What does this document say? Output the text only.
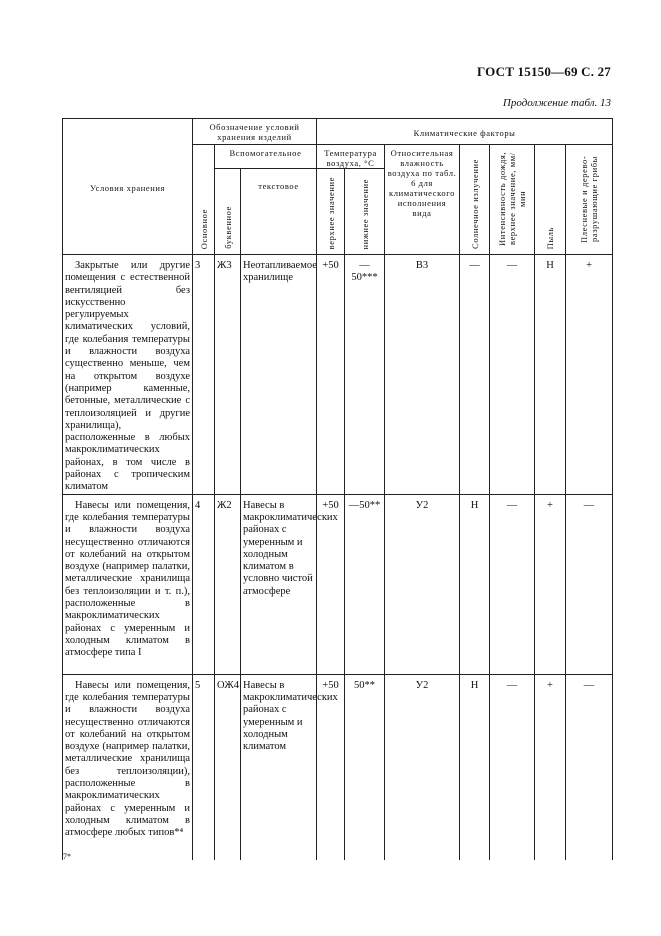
ГОСТ 15150—69 С. 27
Продолжение табл. 13
Условия хранения	Обозначение условий хранения изделий			Климатические факторы						
	Основное	Вспомогательное		Температура воздуха, °С		Относительная влажность воздуха по табл. 6 для климатического исполнения вида	Солнечное излучение	Интенсивность дождя, верхнее значение, мм/мин	Пыль	Плесневые и дерево-разрушающие грибы
		буквенное	текстовое	верхнее значение	нижнее значение					
Закрытые или другие помещения с естественной вентиляцией без искусственно регулируемых климатических условий, где колебания температуры и влажности воздуха существенно меньше, чем на открытом воздухе (например каменные, бетонные, металлические с теплоизоляцией и другие хранилища), расположенные в любых макроклиматических районах, в том числе в районах с тропическим климатом	3	Ж3	Неотапливаемое хранилище	+50	—50***	В3	—	—	Н	+
Навесы или помещения, где колебания температуры и влажности воздуха несущественно отличаются от колебаний на открытом воздухе (например палатки, металлические хранилища без теплоизоляции и т. п.), расположенные в макроклиматических районах с умеренным и холодным климатом в атмосфере типа I	4	Ж2	Навесы в макроклиматических районах с умеренным и холодным климатом в условно чистой атмосфере	+50	—50**	У2	Н	—	+	—
Навесы или помещения, где колебания температуры и влажности воздуха несущественно отличаются от колебаний на открытом воздухе (например палатки, металлические хранилища без теплоизоляции), расположенные в макроклиматических районах с умеренным и холодным климатом в атмосфере любых типов*⁴	5	ОЖ4	Навесы в макроклиматических районах с умеренным и холодным климатом	+50	50**	У2	Н	—	+	—
7*
